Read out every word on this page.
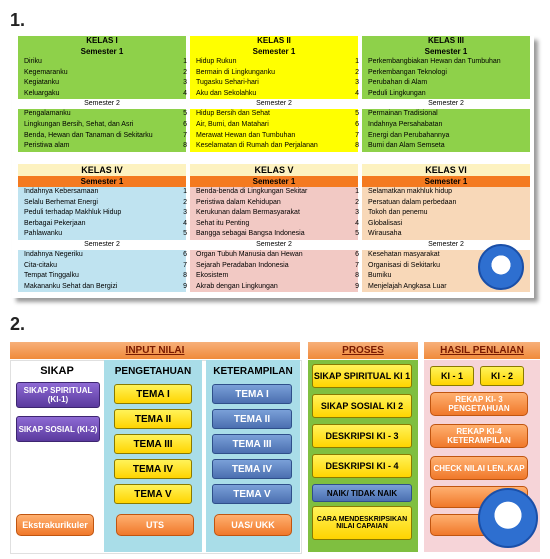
1.
2.
KELAS I
Semester 1
Diriku
Kegemaranku
Kegiatanku
Keluargaku
Semester 2
Pengalamanku
Lingkungan Bersih, Sehat, dan Asri
Benda, Hewan dan Tanaman di Sekitarku
Peristiwa alam
KELAS II
Semester 1
1 Hidup Rukun
2 Bermain di Lingkunganku
3 Tugasku Sehari-hari
4 Aku dan Sekolahku
Semester 2
5 Hidup Bersih dan Sehat
6 Air, Bumi, dan Matahari
7 Merawat Hewan dan Tumbuhan
8 Keselamatan di Rumah dan Perjalanan
KELAS III
Semester 1
1 Perkembangbiakan Hewan dan Tumbuhan
2 Perkembangan Teknologi
3 Perubahan di Alam
4 Peduli Lingkungan
Semester 2
5 Permainan Tradisional
6 Indahnya Persahabatan
7 Energi dan Perubahannya
8 Bumi dan Alam Semseta
KELAS IV
Semester 1
Indahnya Kebersamaan
Selalu Berhemat Energi
Peduli terhadap Makhluk Hidup
Berbagai Pekerjaan
Pahlawanku
Semester 2
Indahnya Negeriku
Cita-citaku
Tempat Tinggalku
Makananku Sehat dan Bergizi
KELAS V
Semester 1
1 Benda-benda di Lingkungan Sekitar
2 Peristiwa dalam Kehidupan
3 Kerukunan dalam Bermasyarakat
4 Sehat itu Penting
5 Bangga sebagai Bangsa Indonesia
Semester 2
6 Organ Tubuh Manusia dan Hewan
7 Sejarah Peradaban Indonesia
8 Ekosistem
9 Akrab dengan Lingkungan
KELAS VI
Semester 1
1 Selamatkan makhluk hidup
2 Persatuan dalam perbedaan
3 Tokoh dan penemu
4 Globalisasi
5 Wirausaha
Semester 2
6 Kesehatan masyarakat
7 Organisasi di Sekitarku
8 Bumiku
9 Menjelajah Angkasa Luar
INPUT NILAI
SIKAP
SIKAP SPIRITUAL (KI-1)
SIKAP SOSIAL (KI-2)
Ekstrakurikuler
PENGETAHUAN
TEMA I
TEMA II
TEMA III
TEMA IV
TEMA V
UTS
KETERAMPILAN
TEMA I
TEMA II
TEMA III
TEMA IV
TEMA V
UAS/ UKK
PROSES
SIKAP SPIRITUAL KI 1
SIKAP SOSIAL KI 2
DESKRIPSI KI - 3
DESKRIPSI KI - 4
NAIK/ TIDAK NAIK
CARA MENDESKRIPSIKAN NILAI CAPAIAN
HASIL PENLAIAN
KI - 1	KI - 2
REKAP KI- 3 PENGETAHUAN
REKAP KI-4 KETERAMPILAN
CHECK NILAI LEN..KAP
